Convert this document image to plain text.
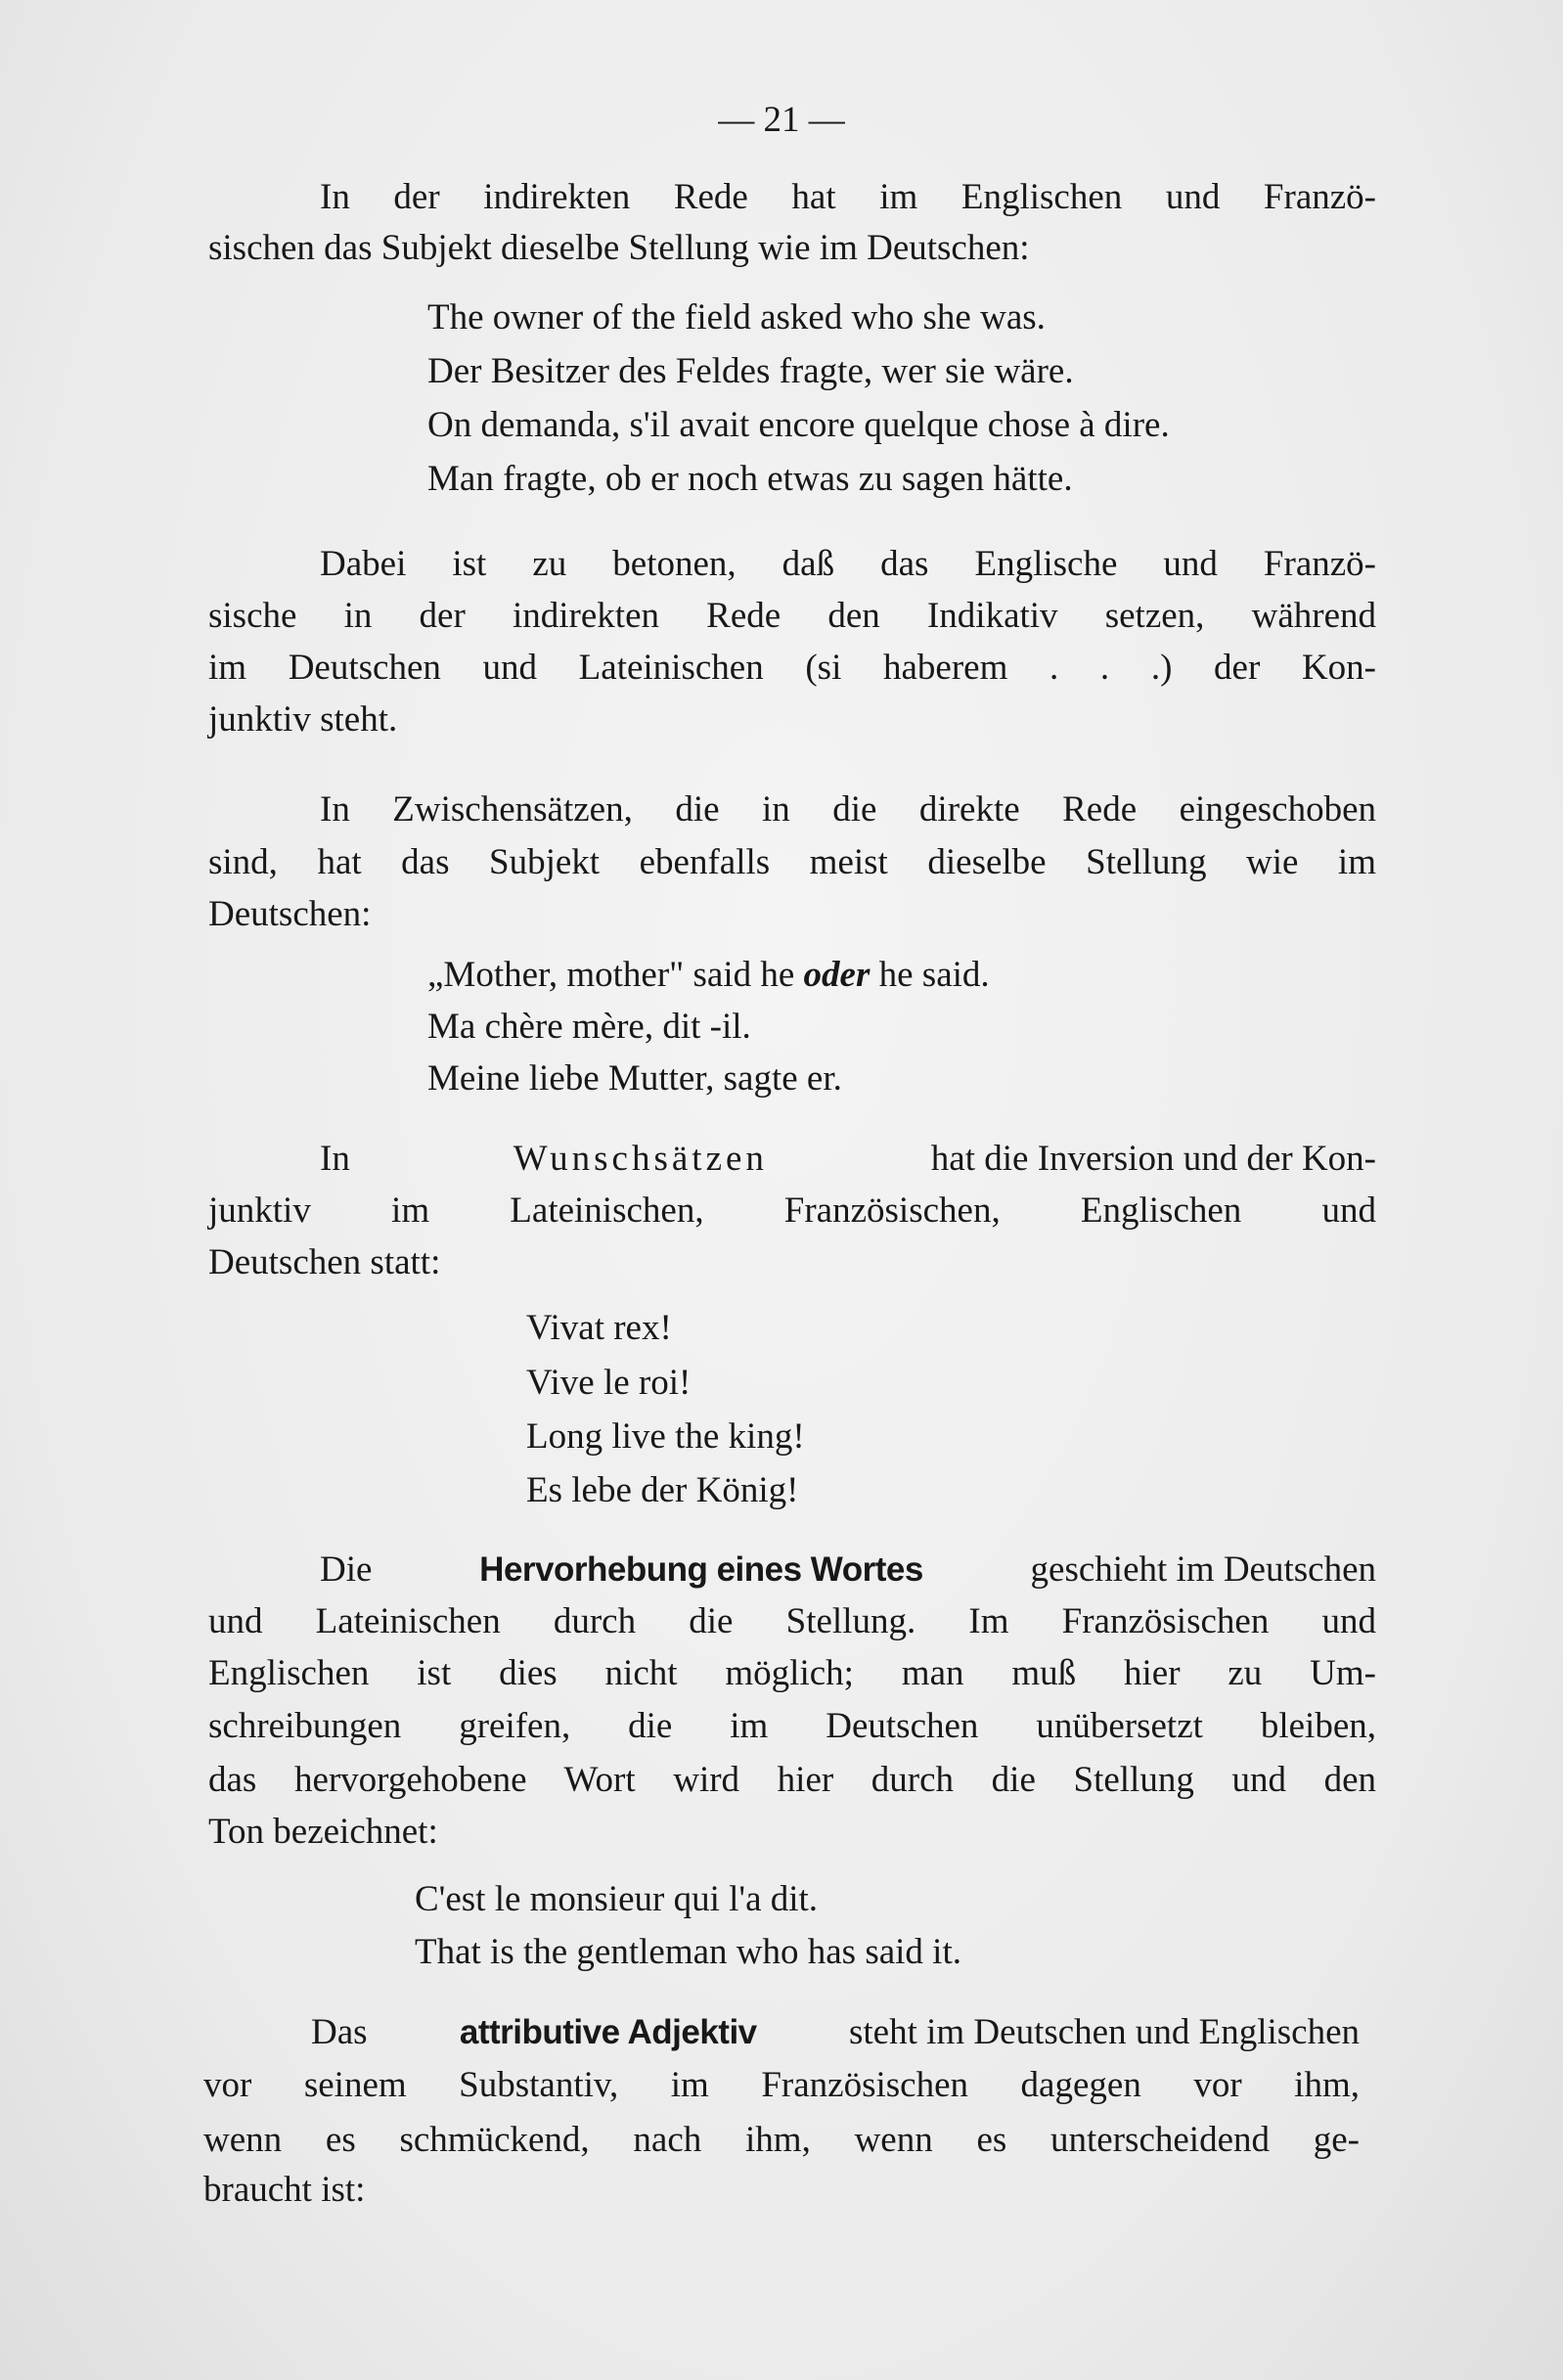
— 21 —
In der indirekten Rede hat im Englischen und Franzö-
sischen das Subjekt dieselbe Stellung wie im Deutschen:
The owner of the field asked who she was.
Der Besitzer des Feldes fragte, wer sie wäre.
On demanda, s'il avait encore quelque chose à dire.
Man fragte, ob er noch etwas zu sagen hätte.
Dabei ist zu betonen, daß das Englische und Franzö-
sische in der indirekten Rede den Indikativ setzen, während
im Deutschen und Lateinischen (si haberem . . .) der Kon-
junktiv steht.
In Zwischensätzen, die in die direkte Rede eingeschoben
sind, hat das Subjekt ebenfalls meist dieselbe Stellung wie im
Deutschen:
„Mother, mother" said he oder he said.
Ma chère mère, dit -il.
Meine liebe Mutter, sagte er.
In	Wunschsätzen	hat die Inversion und der Kon-
junktiv im Lateinischen, Französischen, Englischen und
Deutschen statt:
Vivat rex!
Vive le roi!
Long live the king!
Es lebe der König!
Die	Hervorhebung eines Wortes	geschieht im Deutschen
und Lateinischen durch die Stellung. Im Französischen und
Englischen ist dies nicht möglich; man muß hier zu Um-
schreibungen greifen, die im Deutschen unübersetzt bleiben,
das hervorgehobene Wort wird hier durch die Stellung und den
Ton bezeichnet:
C'est le monsieur qui l'a dit.
That is the gentleman who has said it.
Das	attributive Adjektiv	steht im Deutschen und Englischen
vor seinem Substantiv, im Französischen dagegen vor ihm,
wenn es schmückend, nach ihm, wenn es unterscheidend ge-
braucht ist:
